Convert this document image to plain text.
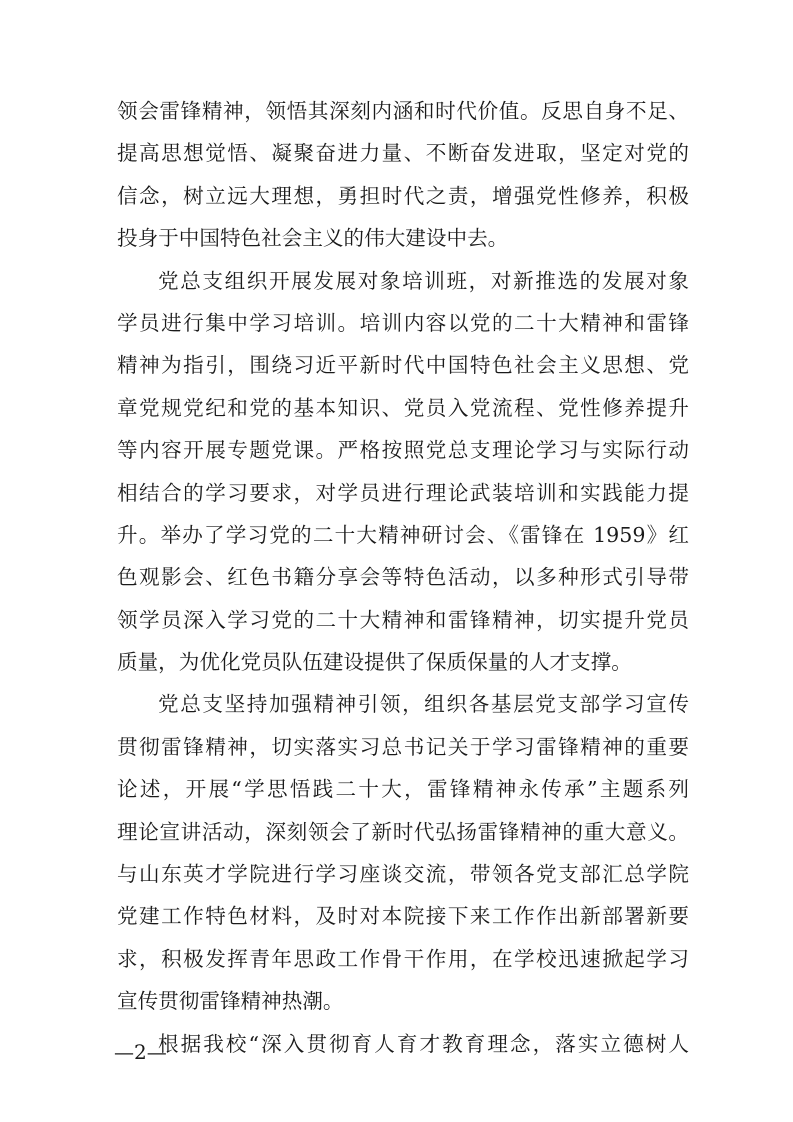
领会雷锋精神，领悟其深刻内涵和时代价值。反思自身不足、
提高思想觉悟、凝聚奋进力量、不断奋发进取，坚定对党的
信念，树立远大理想，勇担时代之责，增强党性修养，积极
投身于中国特色社会主义的伟大建设中去。
党总支组织开展发展对象培训班，对新推选的发展对象
学员进行集中学习培训。培训内容以党的二十大精神和雷锋
精神为指引，围绕习近平新时代中国特色社会主义思想、党
章党规党纪和党的基本知识、党员入党流程、党性修养提升
等内容开展专题党课。严格按照党总支理论学习与实际行动
相结合的学习要求，对学员进行理论武装培训和实践能力提
升。举办了学习党的二十大精神研讨会、《雷锋在 1959》红
色观影会、红色书籍分享会等特色活动，以多种形式引导带
领学员深入学习党的二十大精神和雷锋精神，切实提升党员
质量，为优化党员队伍建设提供了保质保量的人才支撑。
党总支坚持加强精神引领，组织各基层党支部学习宣传
贯彻雷锋精神，切实落实习总书记关于学习雷锋精神的重要
论述，开展“学思悟践二十大，雷锋精神永传承”主题系列
理论宣讲活动，深刻领会了新时代弘扬雷锋精神的重大意义。
与山东英才学院进行学习座谈交流，带领各党支部汇总学院
党建工作特色材料，及时对本院接下来工作作出新部署新要
求，积极发挥青年思政工作骨干作用，在学校迅速掀起学习
宣传贯彻雷锋精神热潮。
根据我校“深入贯彻育人育才教育理念，落实立德树人
—2—
